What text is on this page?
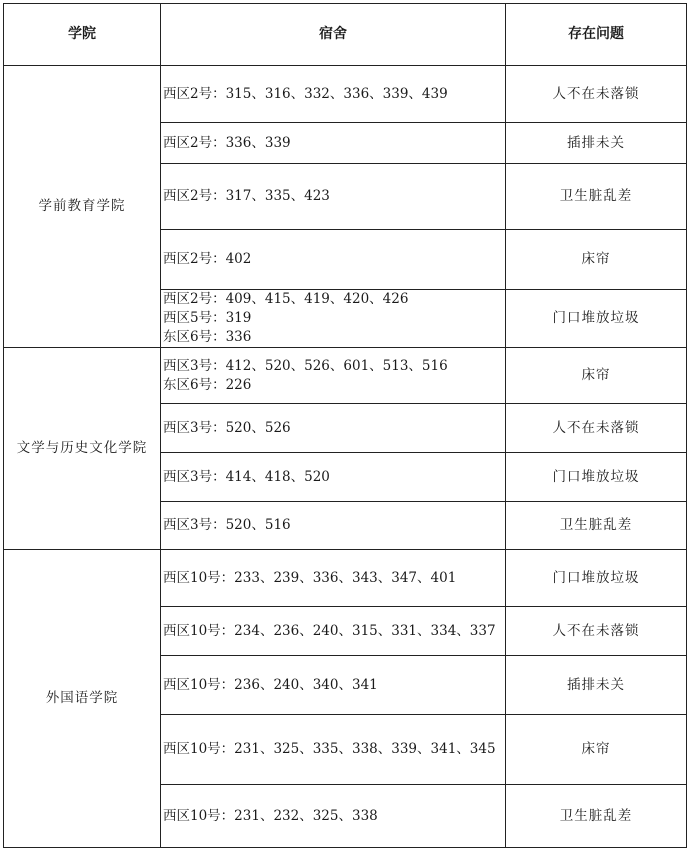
学院	宿舍	存在问题
学前教育学院	西区2号：315、316、332、336、339、439	人不在未落锁

	西区2号：336、339	插排未关

	西区2号：317、335、423	卫生脏乱差

	西区2号：402	床帘

	西区2号：409、415、419、420、426
西区5号：319
东区6号：336	门口堆放垃圾
文学与历史文化学院	西区3号：412、520、526、601、513、516
东区6号：226	床帘

	西区3号：520、526	人不在未落锁

	西区3号：414、418、520	门口堆放垃圾

	西区3号：520、516	卫生脏乱差
外国语学院	西区10号：233、239、336、343、347、401	门口堆放垃圾

	西区10号：234、236、240、315、331、334、337	人不在未落锁

	西区10号：236、240、340、341	插排未关

	西区10号：231、325、335、338、339、341、345	床帘

	西区10号：231、232、325、338	卫生脏乱差
